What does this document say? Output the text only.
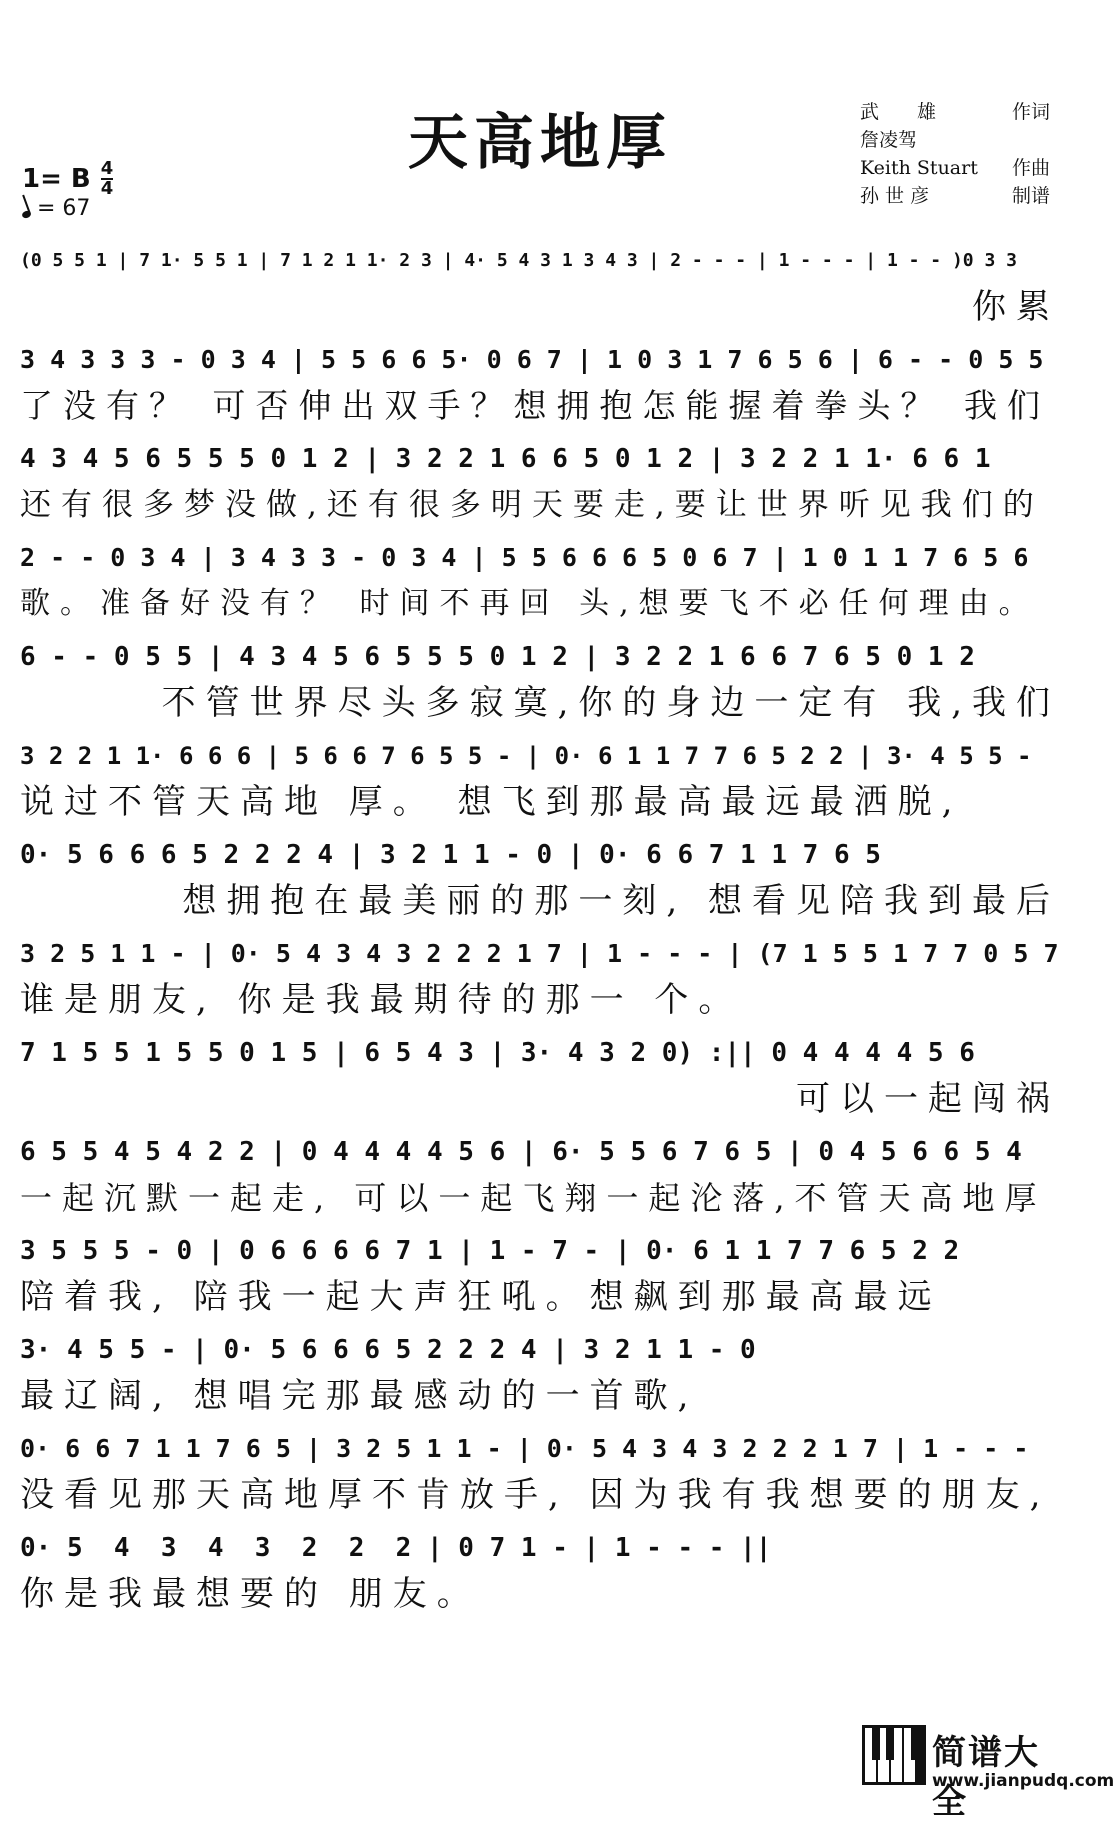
天高地厚	武　　雄	作词
詹凌驾
Keith Stuart	作曲
孙 世 彦	制谱
1= B 4
4
= 67
(0 5 5 1 | 7 1· 5 5 1 | 7 1 2 1 1· 2 3 | 4· 5 4 3 1 3 4 3 | 2 - - - | 1 - - - | 1 - - )0 3 3
你累
3 4 3 3 3 - 0 3 4 | 5 5 6 6 5· 0 6 7 | 1 0 3 1 7 6 5 6 | 6 - - 0 5 5
了没有？ 可否伸出双手？想拥抱怎能握着拳头？ 我们
4 3 4 5 6 5 5 5 0 1 2 | 3 2 2 1 6 6 5 0 1 2 | 3 2 2 1 1· 6 6 1
还有很多梦没做,还有很多明天要走,要让世界听见我们的
2 - - 0 3 4 | 3 4 3 3 - 0 3 4 | 5 5 6 6 6 5 0 6 7 | 1 0 1 1 7 6 5 6
歌。准备好没有？ 时间不再回 头,想要飞不必任何理由。
6 - - 0 5 5 | 4 3 4 5 6 5 5 5 0 1 2 | 3 2 2 1 6 6 7 6 5 0 1 2
不管世界尽头多寂寞,你的身边一定有 我,我们
3 2 2 1 1· 6 6 6 | 5 6 6 7 6 5 5 - | 0· 6 1 1 7 7 6 5 2 2 | 3· 4 5 5 -
说过不管天高地 厚。 想飞到那最高最远最洒脱,
0· 5 6 6 6 5 2 2 2 4 | 3 2 1 1 - 0 | 0· 6 6 7 1 1 7 6 5
想拥抱在最美丽的那一刻, 想看见陪我到最后
3 2 5 1 1 - | 0· 5 4 3 4 3 2 2 2 1 7 | 1 - - - | (7 1 5 5 1 7 7 0 5 7
谁是朋友, 你是我最期待的那一 个。
7 1 5 5 1 5 5 0 1 5 | 6 5 4 3 | 3· 4 3 2 0) :|| 0 4 4 4 4 5 6
可以一起闯祸
6 5 5 4 5 4 2 2 | 0 4 4 4 4 5 6 | 6· 5 5 6 7 6 5 | 0 4 5 6 6 5 4
一起沉默一起走, 可以一起飞翔一起沦落,不管天高地厚
3 5 5 5 - 0 | 0 6 6 6 6 7 1 | 1 - 7 - | 0· 6 1 1 7 7 6 5 2 2
陪着我, 陪我一起大声狂吼。想飙到那最高最远
3· 4 5 5 - | 0· 5 6 6 6 5 2 2 2 4 | 3 2 1 1 - 0
最辽阔, 想唱完那最感动的一首歌,
0· 6 6 7 1 1 7 6 5 | 3 2 5 1 1 - | 0· 5 4 3 4 3 2 2 2 1 7 | 1 - - -
没看见那天高地厚不肯放手, 因为我有我想要的朋友,
0· 5  4  3  4  3  2  2  2 | 0 7 1 - | 1 - - - ||
你是我最想要的 朋友。
简谱大全
www.jianpudq.com
